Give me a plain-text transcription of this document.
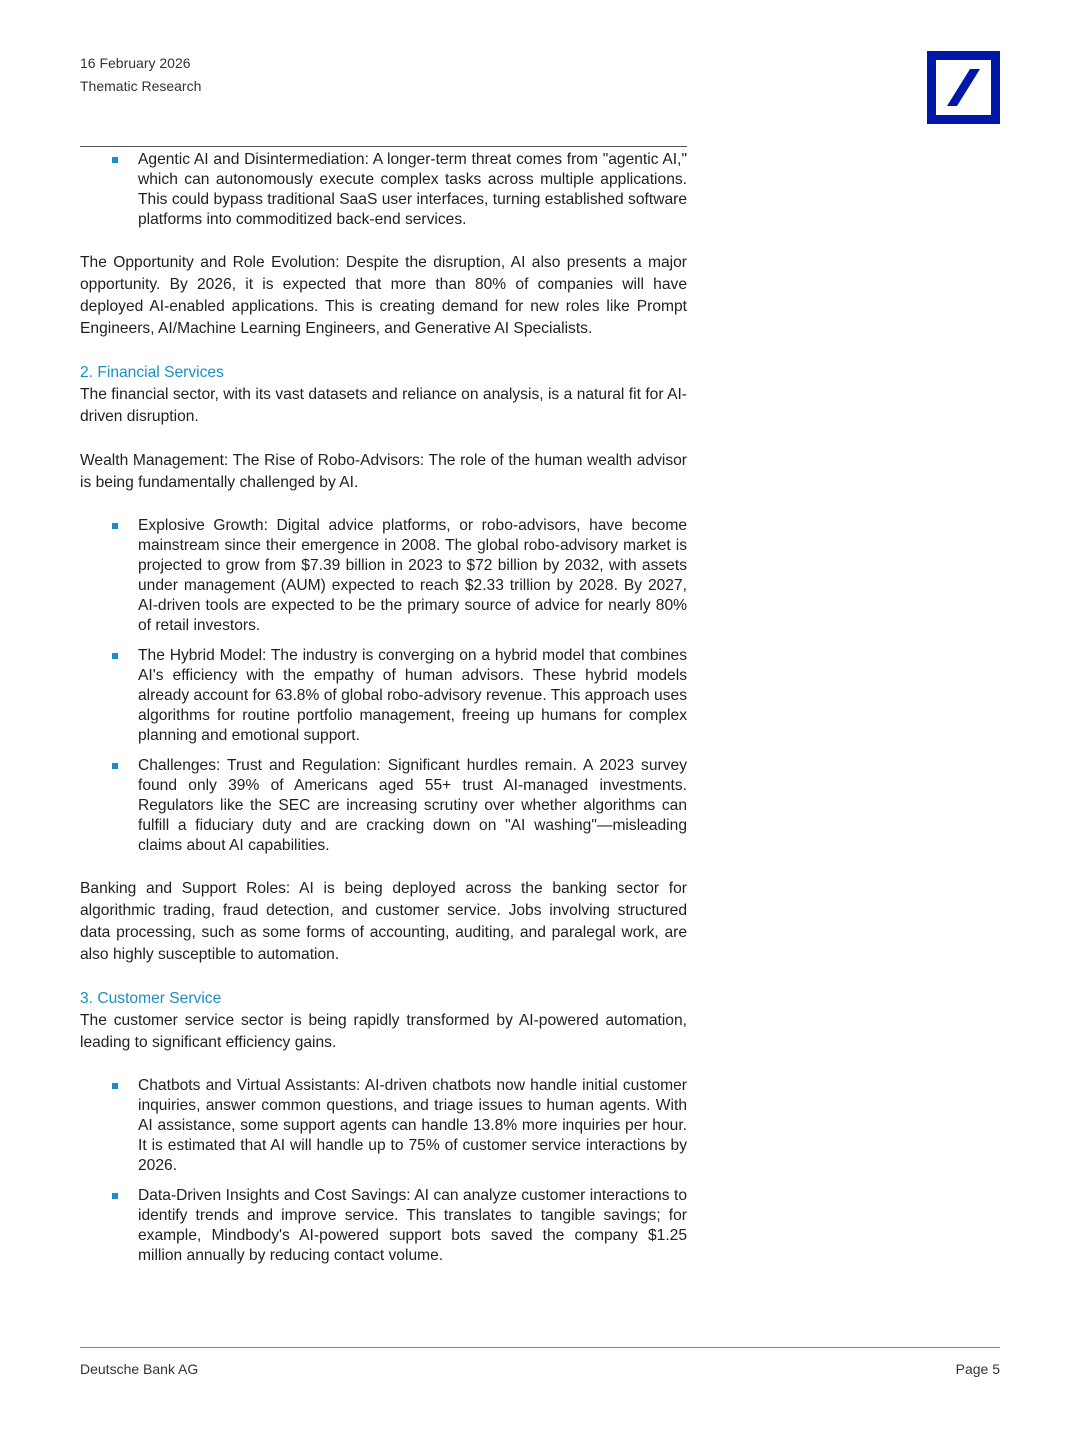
16 February 2026
Thematic Research
Agentic AI and Disintermediation: A longer-term threat comes from "agentic AI," which can autonomously execute complex tasks across multiple applications. This could bypass traditional SaaS user interfaces, turning established software platforms into commoditized back-end services.

The Opportunity and Role Evolution: Despite the disruption, AI also presents a major opportunity. By 2026, it is expected that more than 80% of companies will have deployed AI-enabled applications. This is creating demand for new roles like Prompt Engineers, AI/Machine Learning Engineers, and Generative AI Specialists.

2. Financial Services

The financial sector, with its vast datasets and reliance on analysis, is a natural fit for AI-driven disruption.

Wealth Management: The Rise of Robo-Advisors: The role of the human wealth advisor is being fundamentally challenged by AI.

Explosive Growth: Digital advice platforms, or robo-advisors, have become mainstream since their emergence in 2008. The global robo-advisory market is projected to grow from $7.39 billion in 2023 to $72 billion by 2032, with assets under management (AUM) expected to reach $2.33 trillion by 2028. By 2027, AI-driven tools are expected to be the primary source of advice for nearly 80% of retail investors.
The Hybrid Model: The industry is converging on a hybrid model that combines AI's efficiency with the empathy of human advisors. These hybrid models already account for 63.8% of global robo-advisory revenue. This approach uses algorithms for routine portfolio management, freeing up humans for complex planning and emotional support.
Challenges: Trust and Regulation: Significant hurdles remain. A 2023 survey found only 39% of Americans aged 55+ trust AI-managed investments. Regulators like the SEC are increasing scrutiny over whether algorithms can fulfill a fiduciary duty and are cracking down on "AI washing"—misleading claims about AI capabilities.

Banking and Support Roles: AI is being deployed across the banking sector for algorithmic trading, fraud detection, and customer service. Jobs involving structured data processing, such as some forms of accounting, auditing, and paralegal work, are also highly susceptible to automation.

3. Customer Service

The customer service sector is being rapidly transformed by AI-powered automation, leading to significant efficiency gains.

Chatbots and Virtual Assistants: AI-driven chatbots now handle initial customer inquiries, answer common questions, and triage issues to human agents. With AI assistance, some support agents can handle 13.8% more inquiries per hour. It is estimated that AI will handle up to 75% of customer service interactions by 2026.
Data-Driven Insights and Cost Savings: AI can analyze customer interactions to identify trends and improve service. This translates to tangible savings; for example, Mindbody's AI-powered support bots saved the company $1.25 million annually by reducing contact volume.
Deutsche Bank AG	Page 5
